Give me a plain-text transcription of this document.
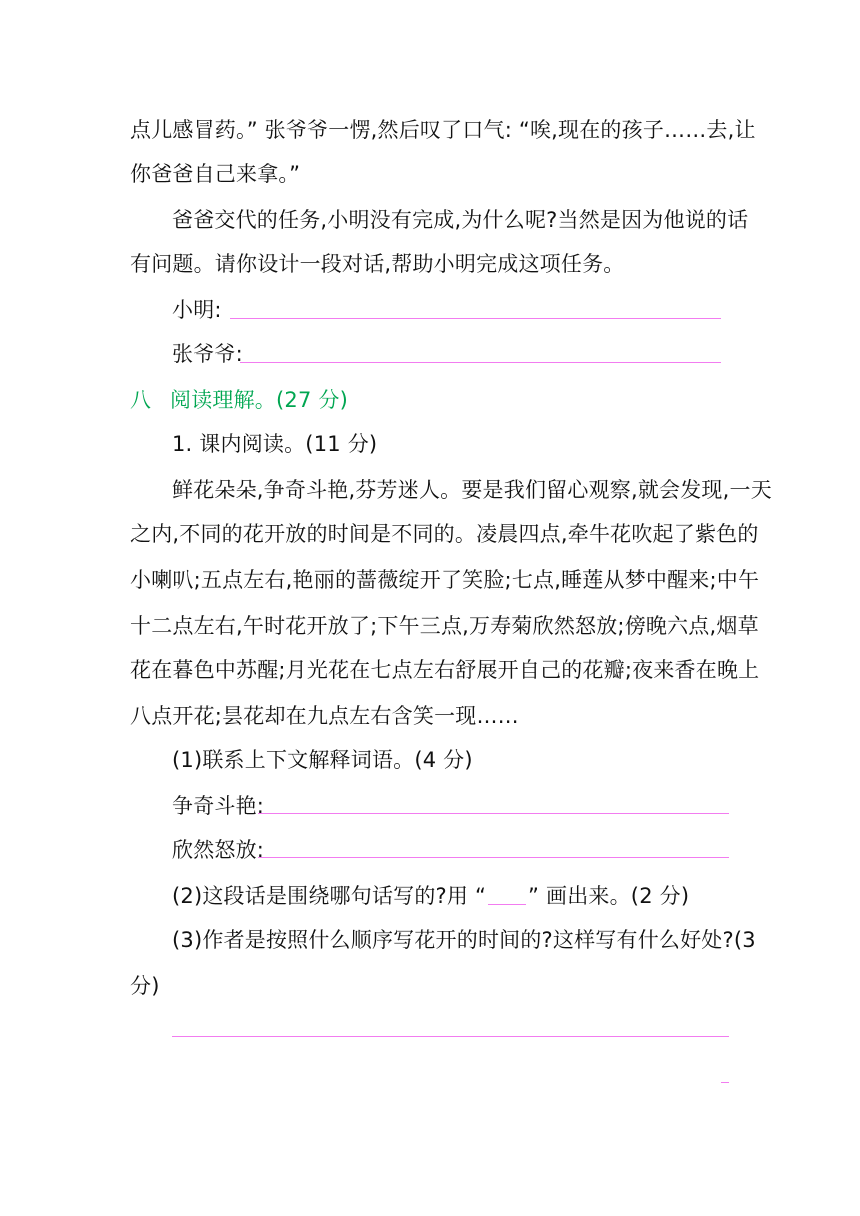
点儿感冒药。” 张爷爷一愣,然后叹了口气: “唉,现在的孩子……去,让
你爸爸自己来拿。”
爸爸交代的任务,小明没有完成,为什么呢?当然是因为他说的话
有问题。请你设计一段对话,帮助小明完成这项任务。
小明:
张爷爷:
八 阅读理解。(27 分)
1. 课内阅读。(11 分)
鲜花朵朵,争奇斗艳,芬芳迷人。要是我们留心观察,就会发现,一天
之内,不同的花开放的时间是不同的。凌晨四点,牵牛花吹起了紫色的
小喇叭;五点左右,艳丽的蔷薇绽开了笑脸;七点,睡莲从梦中醒来;中午
十二点左右,午时花开放了;下午三点,万寿菊欣然怒放;傍晚六点,烟草
花在暮色中苏醒;月光花在七点左右舒展开自己的花瓣;夜来香在晚上
八点开花;昙花却在九点左右含笑一现……
(1)联系上下文解释词语。(4 分)
争奇斗艳:
欣然怒放:
(2)这段话是围绕哪句话写的?用 “ ” 画出来。(2 分)
(3)作者是按照什么顺序写花开的时间的?这样写有什么好处?(3
分)
